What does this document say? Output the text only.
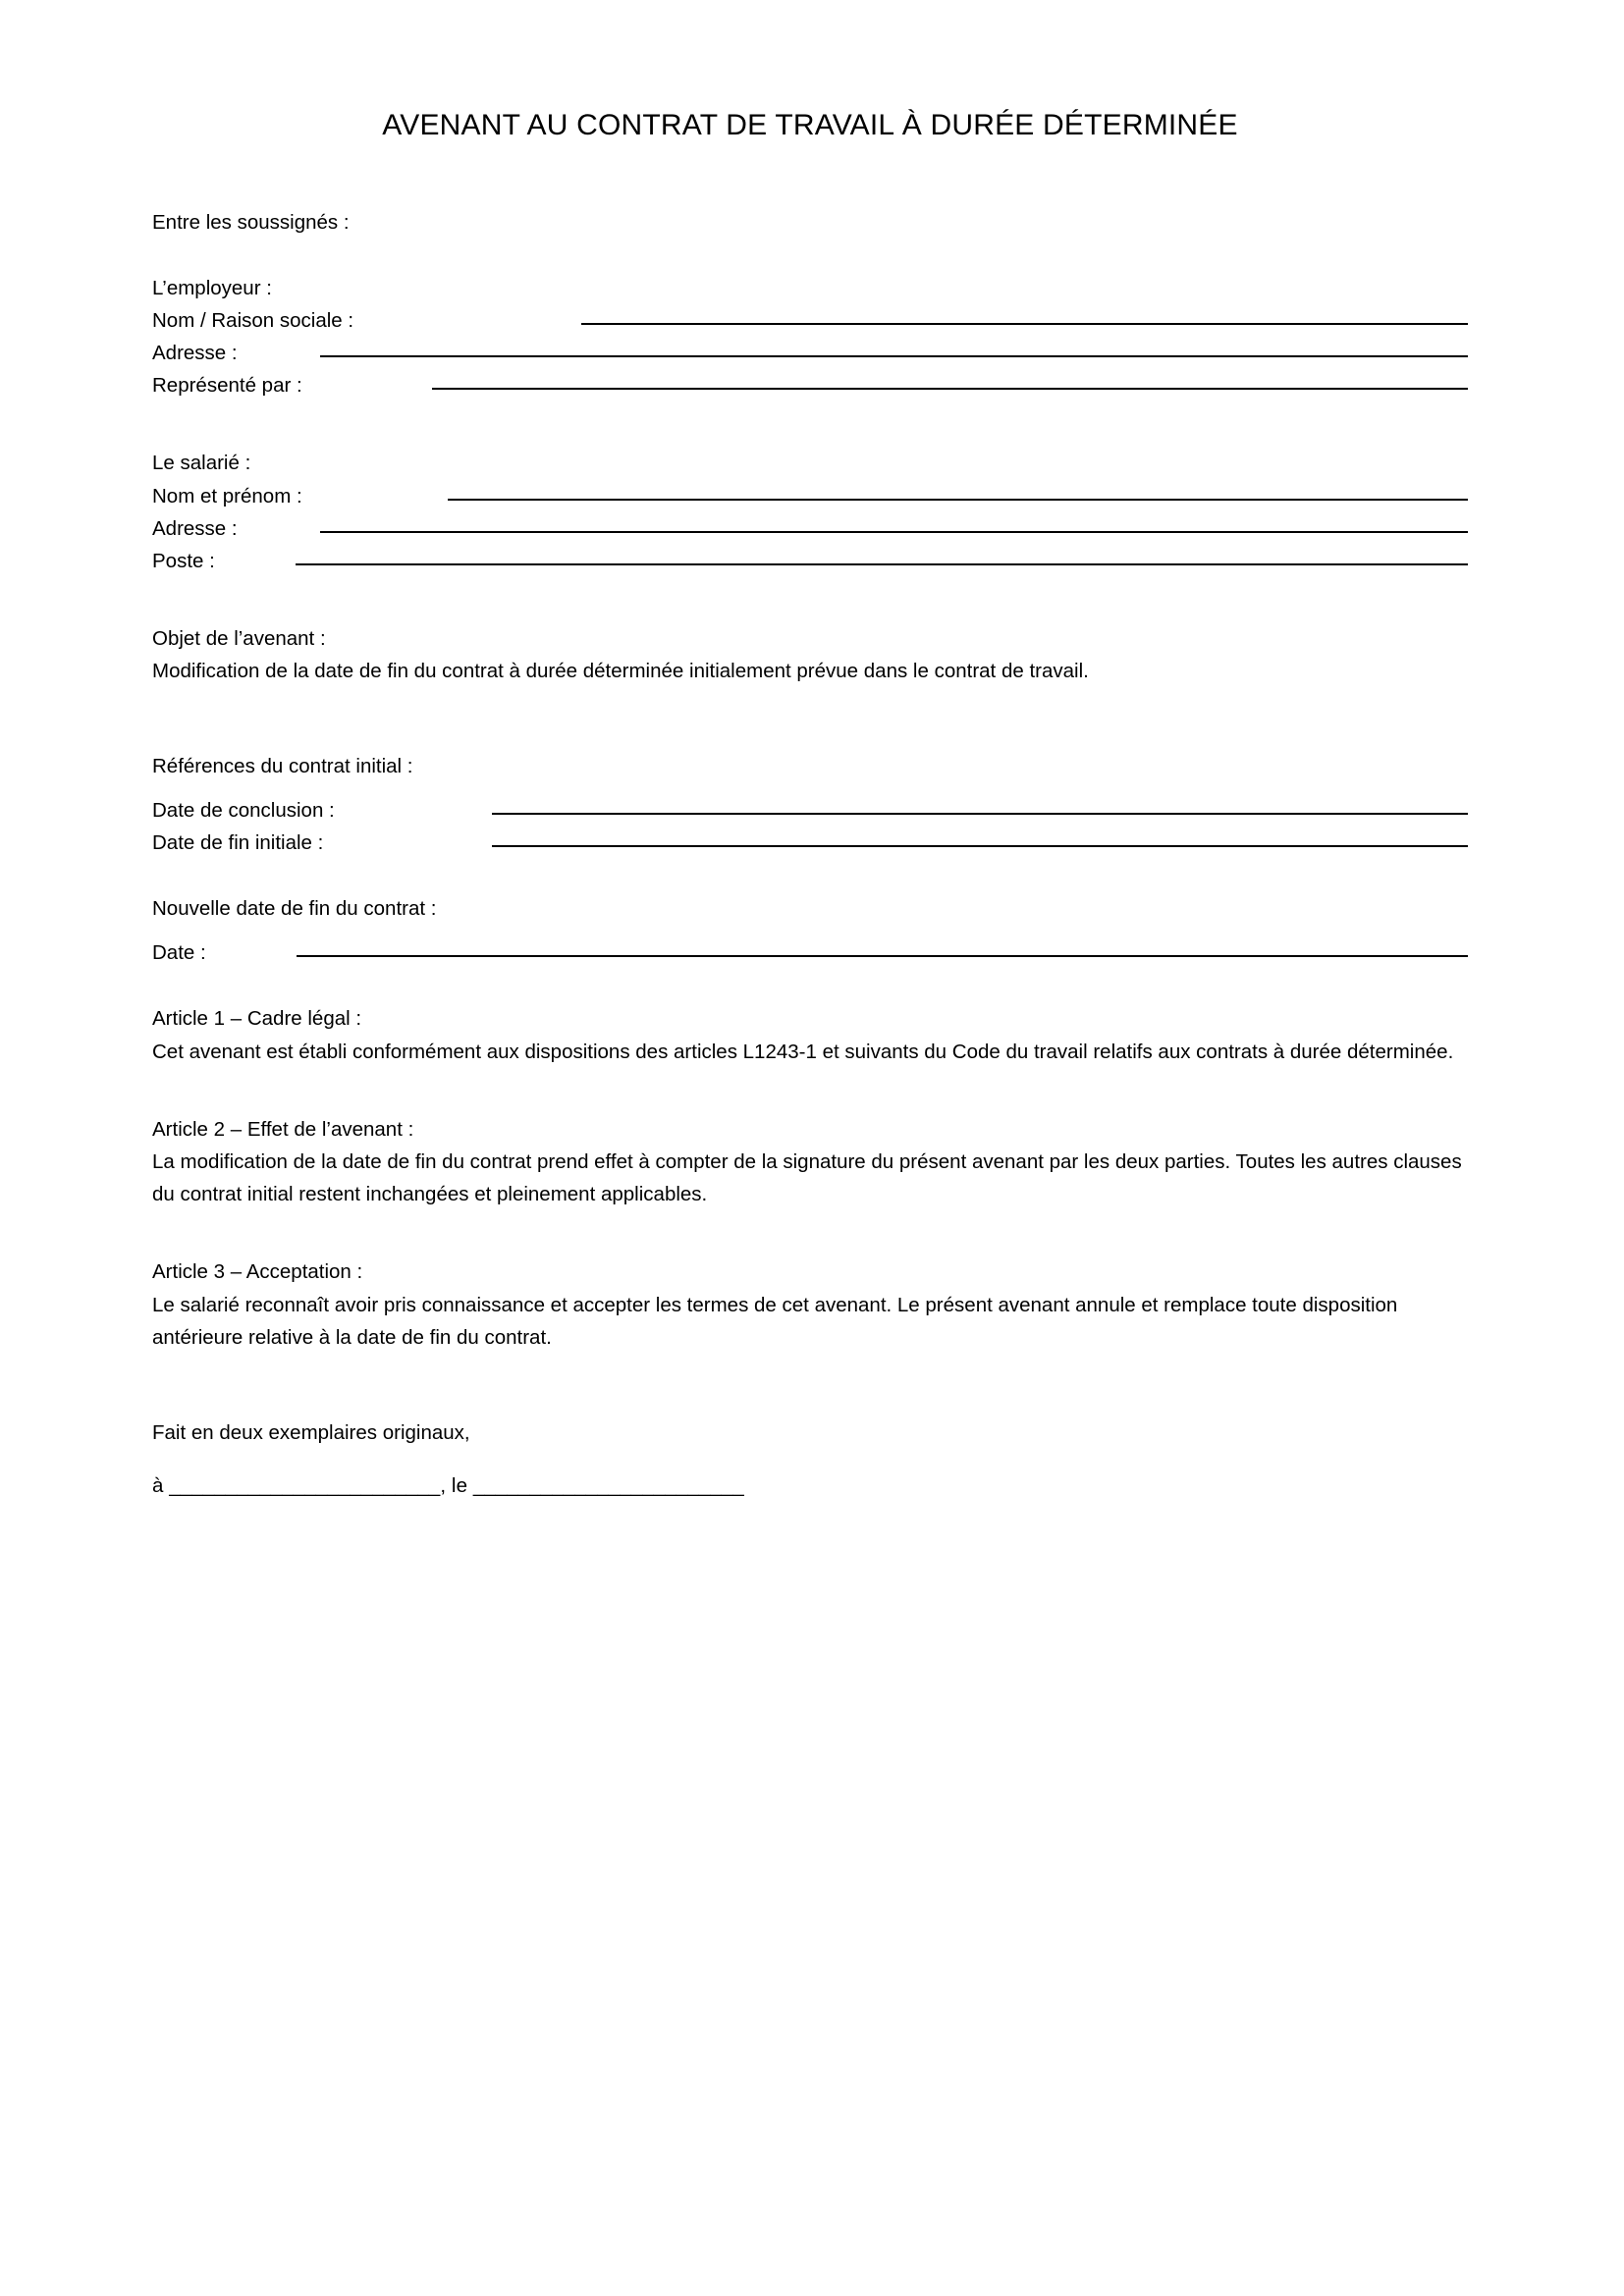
AVENANT AU CONTRAT DE TRAVAIL À DURÉE DÉTERMINÉE

Entre les soussignés :

L’employeur :

Nom / Raison sociale :
Adresse :
Représenté par :

Le salarié :

Nom et prénom :
Adresse :
Poste :

Objet de l’avenant :

Modification de la date de fin du contrat à durée déterminée initialement prévue dans le contrat de travail.

Références du contrat initial :

Date de conclusion :
Date de fin initiale :

Nouvelle date de fin du contrat :

Date :

Article 1 – Cadre légal :

Cet avenant est établi conformément aux dispositions des articles L1243-1 et suivants du Code du travail relatifs aux contrats à durée déterminée.

Article 2 – Effet de l’avenant :

La modification de la date de fin du contrat prend effet à compter de la signature du présent avenant par les deux parties. Toutes les autres clauses du contrat initial restent inchangées et pleinement applicables.

Article 3 – Acceptation :

Le salarié reconnaît avoir pris connaissance et accepter les termes de cet avenant. Le présent avenant annule et remplace toute disposition antérieure relative à la date de fin du contrat.

Fait en deux exemplaires originaux,

à ________________________, le ________________________
